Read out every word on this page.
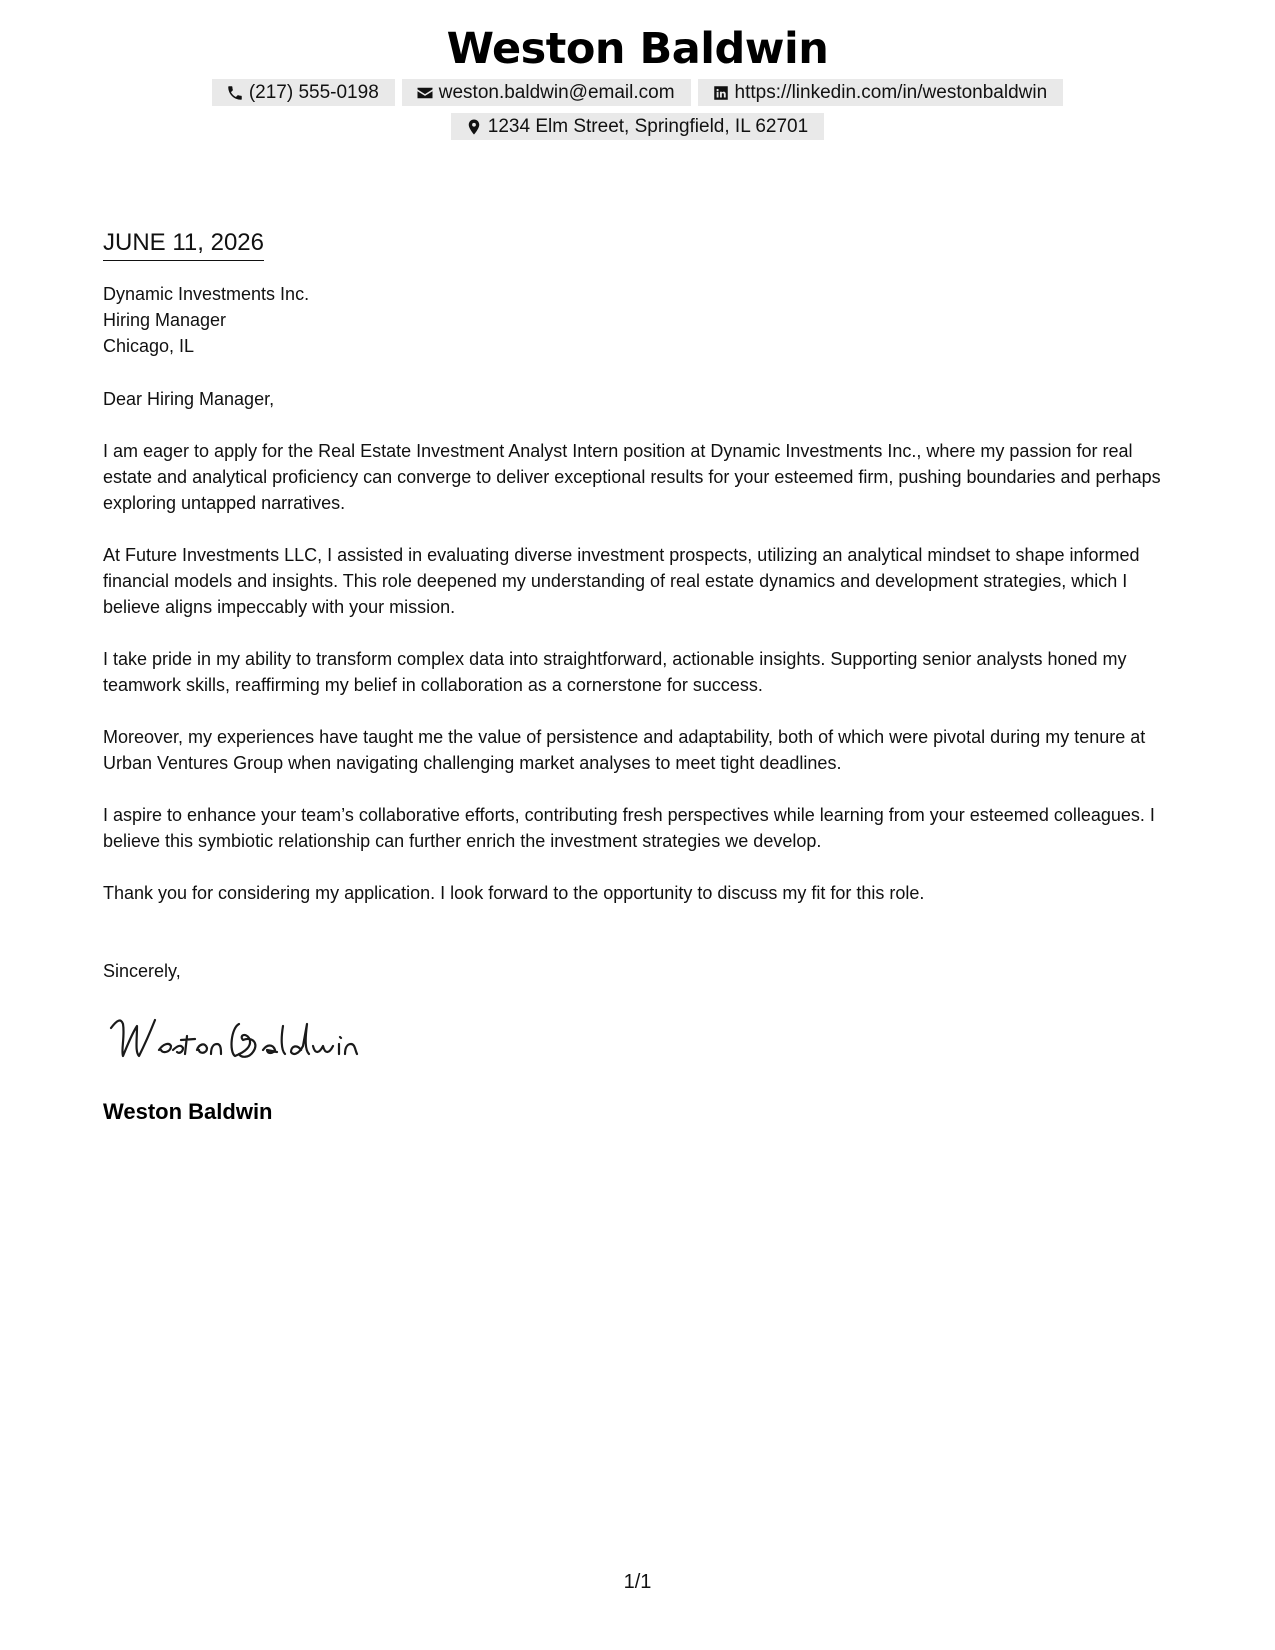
Weston Baldwin
(217) 555-0198	weston.baldwin@email.com	https://linkedin.com/in/westonbaldwin
1234 Elm Street, Springfield, IL 62701
JUNE 11, 2026
Dynamic Investments Inc.
Hiring Manager
Chicago, IL
Dear Hiring Manager,

I am eager to apply for the Real Estate Investment Analyst Intern position at Dynamic Investments Inc., where my passion for real estate and analytical proficiency can converge to deliver exceptional results for your esteemed firm, pushing boundaries and perhaps exploring untapped narratives.

At Future Investments LLC, I assisted in evaluating diverse investment prospects, utilizing an analytical mindset to shape informed financial models and insights. This role deepened my understanding of real estate dynamics and development strategies, which I believe aligns impeccably with your mission.

I take pride in my ability to transform complex data into straightforward, actionable insights. Supporting senior analysts honed my teamwork skills, reaffirming my belief in collaboration as a cornerstone for success.

Moreover, my experiences have taught me the value of persistence and adaptability, both of which were pivotal during my tenure at Urban Ventures Group when navigating challenging market analyses to meet tight deadlines.

I aspire to enhance your team’s collaborative efforts, contributing fresh perspectives while learning from your esteemed colleagues. I believe this symbiotic relationship can further enrich the investment strategies we develop.

Thank you for considering my application. I look forward to the opportunity to discuss my fit for this role.

Sincerely,
Weston Baldwin
1/1
